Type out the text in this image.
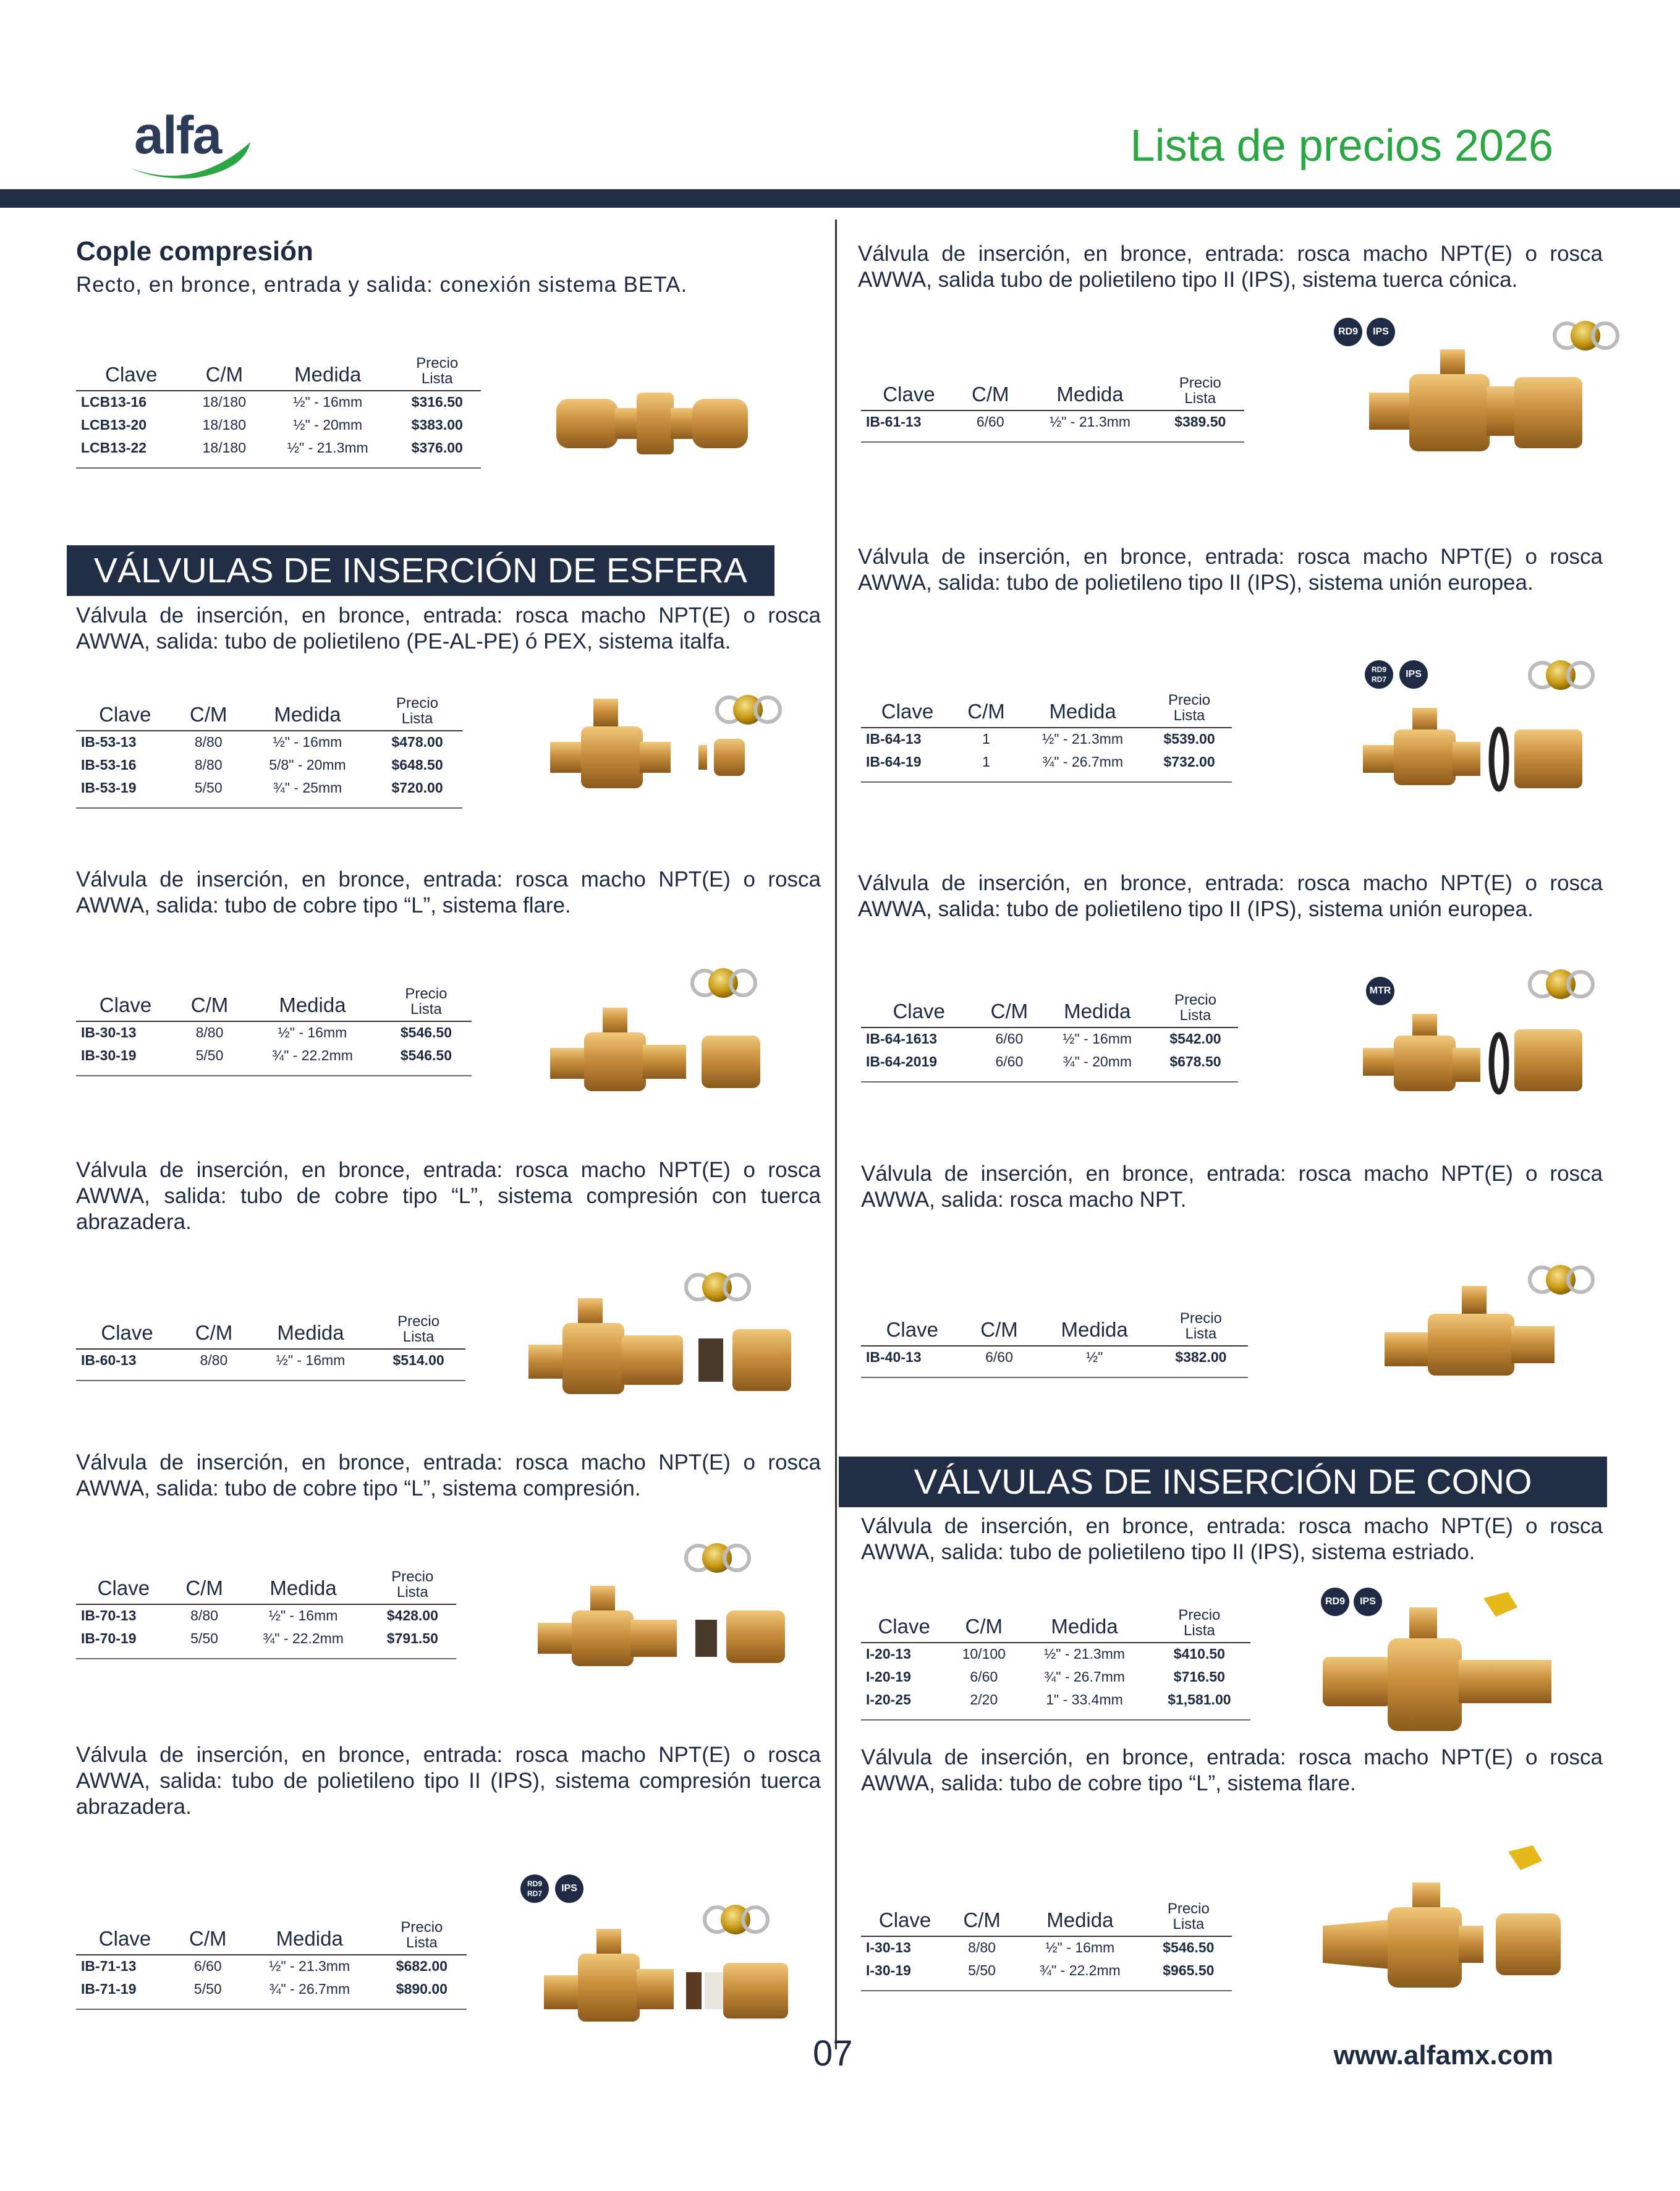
alfa	Lista de precios 2026
Cople compresión
Recto, en bronce, entrada y salida: conexión sistema BETA.
Clave	C/M	Medida	Precio
Lista
LCB13-16	18/180	½" - 16mm	$316.50
LCB13-20	18/180	½" - 20mm	$383.00
LCB13-22	18/180	½" - 21.3mm	$376.00
VÁLVULAS DE INSERCIÓN DE ESFERA
Válvula de inserción, en bronce, entrada: rosca macho NPT(E) o rosca AWWA, salida: tubo de polietileno (PE-AL-PE) ó PEX, sistema italfa.
Clave	C/M	Medida	Precio
Lista
IB-53-13	8/80	½" - 16mm	$478.00
IB-53-16	8/80	5/8" - 20mm	$648.50
IB-53-19	5/50	¾" - 25mm	$720.00
Válvula de inserción, en bronce, entrada: rosca macho NPT(E) o rosca AWWA, salida: tubo de cobre tipo “L”, sistema flare.
Clave	C/M	Medida	Precio
Lista
IB-30-13	8/80	½" - 16mm	$546.50
IB-30-19	5/50	¾" - 22.2mm	$546.50
Válvula de inserción, en bronce, entrada: rosca macho NPT(E) o rosca AWWA, salida: tubo de cobre tipo “L”, sistema compresión con tuerca abrazadera.
Clave	C/M	Medida	Precio
Lista
IB-60-13	8/80	½" - 16mm	$514.00
Válvula de inserción, en bronce, entrada: rosca macho NPT(E) o rosca AWWA, salida: tubo de cobre tipo “L”, sistema compresión.
Clave	C/M	Medida	Precio
Lista
IB-70-13	8/80	½" - 16mm	$428.00
IB-70-19	5/50	¾" - 22.2mm	$791.50
Válvula de inserción, en bronce, entrada: rosca macho NPT(E) o rosca AWWA, salida: tubo de polietileno tipo II (IPS), sistema compresión tuerca abrazadera.
Clave	C/M	Medida	Precio
Lista
IB-71-13	6/60	½" - 21.3mm	$682.00
IB-71-19	5/50	¾" - 26.7mm	$890.00
RD9 RD7	IPS
Válvula de inserción, en bronce, entrada: rosca macho NPT(E) o rosca AWWA, salida tubo de polietileno tipo II (IPS), sistema tuerca cónica.
Clave	C/M	Medida	Precio
Lista
IB-61-13	6/60	½" - 21.3mm	$389.50
RD9	IPS
Válvula de inserción, en bronce, entrada: rosca macho NPT(E) o rosca AWWA, salida: tubo de polietileno tipo II (IPS), sistema unión europea.
Clave	C/M	Medida	Precio
Lista
IB-64-13	1	½" - 21.3mm	$539.00
IB-64-19	1	¾" - 26.7mm	$732.00
RD9 RD7	IPS
Válvula de inserción, en bronce, entrada: rosca macho NPT(E) o rosca AWWA, salida: tubo de polietileno tipo II (IPS), sistema unión europea.
Clave	C/M	Medida	Precio
Lista
IB-64-1613	6/60	½" - 16mm	$542.00
IB-64-2019	6/60	¾" - 20mm	$678.50
MTR
Válvula de inserción, en bronce, entrada: rosca macho NPT(E) o rosca AWWA, salida: rosca macho NPT.
Clave	C/M	Medida	Precio
Lista
IB-40-13	6/60	½"	$382.00
VÁLVULAS DE INSERCIÓN DE CONO
Válvula de inserción, en bronce, entrada: rosca macho NPT(E) o rosca AWWA, salida: tubo de polietileno tipo II (IPS), sistema estriado.
Clave	C/M	Medida	Precio
Lista
I-20-13	10/100	½" - 21.3mm	$410.50
I-20-19	6/60	¾" - 26.7mm	$716.50
I-20-25	2/20	1" - 33.4mm	$1,581.00
RD9	IPS
Válvula de inserción, en bronce, entrada: rosca macho NPT(E) o rosca AWWA, salida: tubo de cobre tipo “L”, sistema flare.
Clave	C/M	Medida	Precio
Lista
I-30-13	8/80	½" - 16mm	$546.50
I-30-19	5/50	¾" - 22.2mm	$965.50
07	www.alfamx.com
